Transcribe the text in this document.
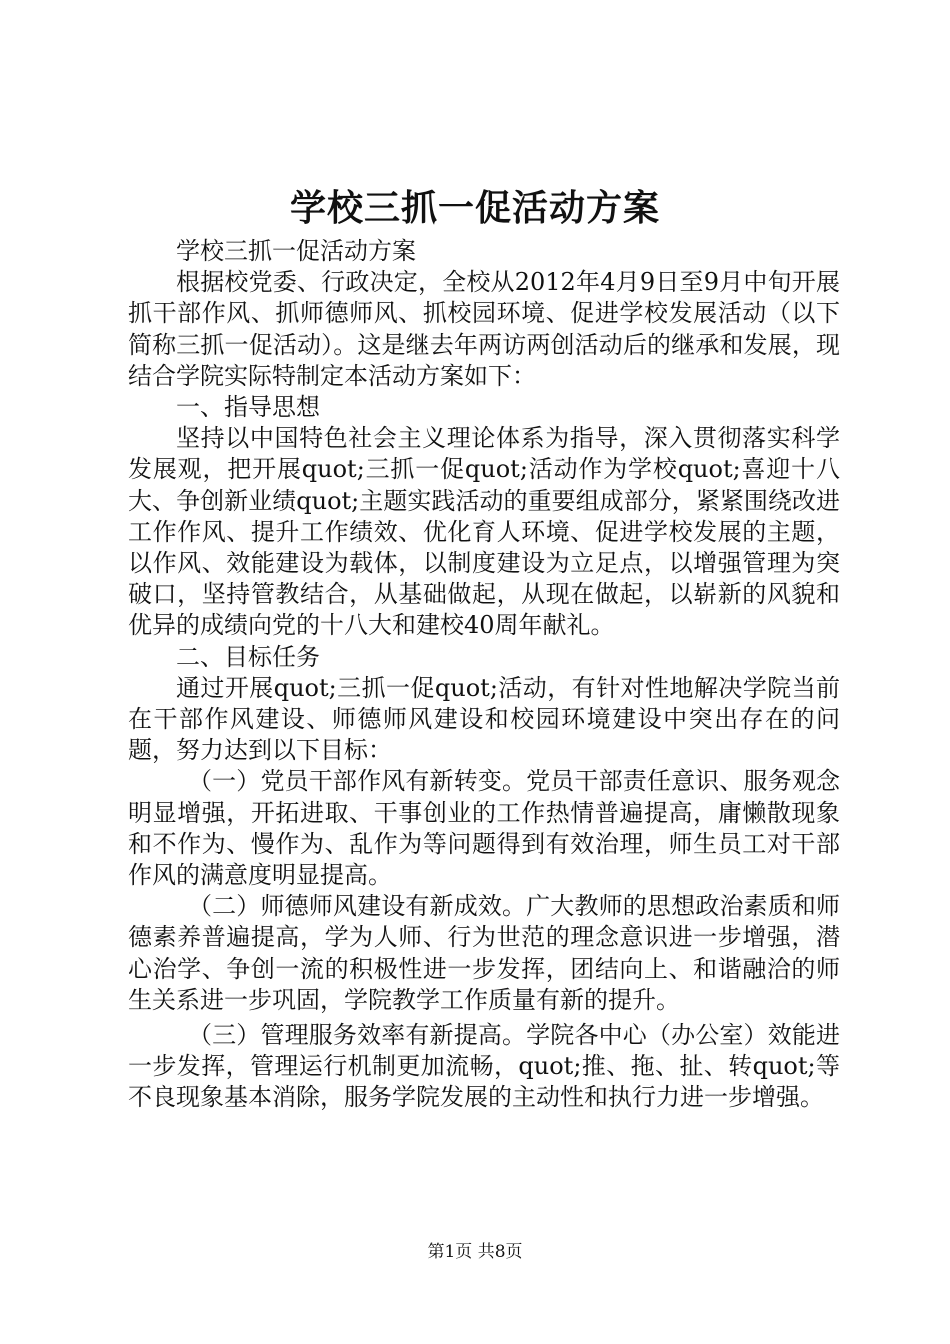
学校三抓一促活动方案

学校三抓一促活动方案

根据校党委、行政决定，全校从2012年4月9日至9月中旬开展抓干部作风、抓师德师风、抓校园环境、促进学校发展活动（以下简称三抓一促活动）。这是继去年两访两创活动后的继承和发展，现结合学院实际特制定本活动方案如下：

一、指导思想

坚持以中国特色社会主义理论体系为指导，深入贯彻落实科学发展观，把开展quot;三抓一促quot;活动作为学校quot;喜迎十八大、争创新业绩quot;主题实践活动的重要组成部分，紧紧围绕改进工作作风、提升工作绩效、优化育人环境、促进学校发展的主题，以作风、效能建设为载体，以制度建设为立足点，以增强管理为突破口，坚持管教结合，从基础做起，从现在做起，以崭新的风貌和优异的成绩向党的十八大和建校40周年献礼。

二、目标任务

通过开展quot;三抓一促quot;活动，有针对性地解决学院当前在干部作风建设、师德师风建设和校园环境建设中突出存在的问题，努力达到以下目标：

（一）党员干部作风有新转变。党员干部责任意识、服务观念明显增强，开拓进取、干事创业的工作热情普遍提高，庸懒散现象和不作为、慢作为、乱作为等问题得到有效治理，师生员工对干部作风的满意度明显提高。

（二）师德师风建设有新成效。广大教师的思想政治素质和师德素养普遍提高，学为人师、行为世范的理念意识进一步增强，潜心治学、争创一流的积极性进一步发挥，团结向上、和谐融洽的师生关系进一步巩固，学院教学工作质量有新的提升。

（三）管理服务效率有新提高。学院各中心（办公室）效能进一步发挥，管理运行机制更加流畅，quot;推、拖、扯、转quot;等不良现象基本消除，服务学院发展的主动性和执行力进一步增强。

第1页 共8页
